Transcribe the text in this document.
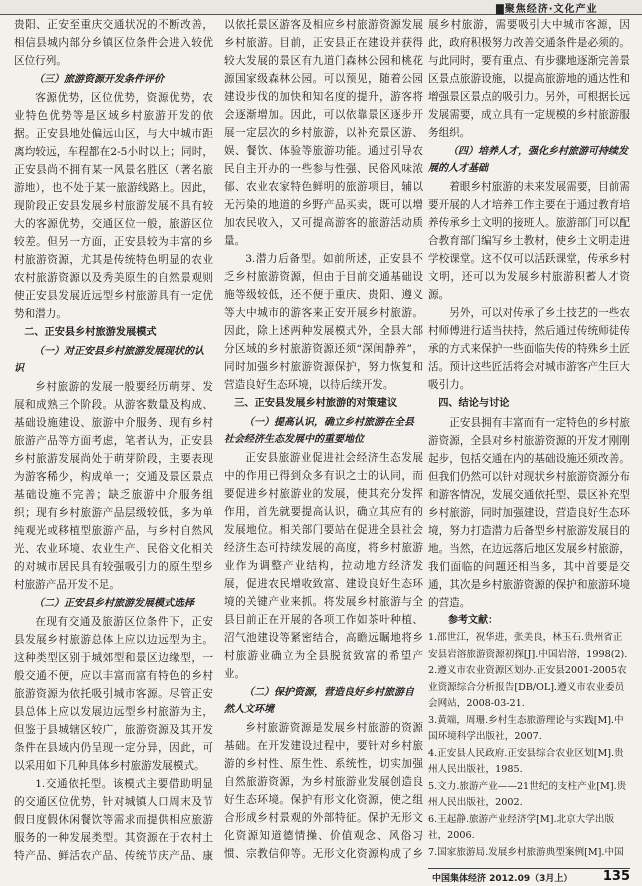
▇聚焦经济·文化产业

贵阳、正安至重庆交通状况的不断改善，相信县城内部分乡镇区位条件会进入较优区位行列。

（三）旅游资源开发条件评价

客源优势，区位优势，资源优势，农业特色优势等是区域乡村旅游开发的依据。正安县地处偏远山区，与大中城市距离均较远，车程都在2-5小时以上；同时，正安县尚不拥有某一风景名胜区（著名旅游地），也不处于某一旅游线路上。因此，现阶段正安县发展乡村旅游发展不具有较大的客源优势，交通区位一般，旅游区位较差。但另一方面，正安县较为丰富的乡村旅游资源，尤其是传统特色明显的农业农村旅游资源以及秀美原生的自然景观则使正安县发展近远型乡村旅游具有一定优势和潜力。

二、正安县乡村旅游发展模式

（一）对正安县乡村旅游发展现状的认识

乡村旅游的发展一般要经历萌芽、发展和成熟三个阶段。从游客数量及构成、基础设施建设、旅游中介服务、现有乡村旅游产品等方面考虑，笔者认为，正安县乡村旅游发展尚处于萌芽阶段，主要表现为游客稀少，构成单一；交通及景区景点基础设施不完善；缺乏旅游中介服务组织；现有乡村旅游产品层级较低，多为单纯观光或移植型旅游产品，与乡村自然风光、农业环境、农业生产、民俗文化相关的对城市居民具有较强吸引力的原生型乡村旅游产品开发不足。

（二）正安县乡村旅游发展模式选择

在现有交通及旅游区位条件下，正安县发展乡村旅游总体上应以边远型为主。这种类型区别于城郊型和景区边缘型，一般交通不便，应以丰富而富有特色的乡村旅游资源为依托吸引城市客源。尽管正安县总体上应以发展边远型乡村旅游为主，但鉴于县城辖区较广，旅游资源及其开发条件在县域内仍呈现一定分异，因此，可以采用如下几种具体乡村旅游发展模式。

1.交通依托型。该模式主要借助明显的交通区位优势，针对城镇人口周末及节假日度假休闲餐饮等需求而提供相应旅游服务的一种发展类型。其资源在于农村土特产品、鲜活农产品、传统节庆产品、康

以依托景区游客及相应乡村旅游资源发展乡村旅游。目前，正安县正在建设并获得较大发展的景区有九道门森林公园和桃花源国家级森林公园。可以预见，随着公园建设步伐的加快和知名度的提升，游客将会逐渐增加。因此，可以依靠景区逐步开展一定层次的乡村旅游，以补充景区游、娱、餐饮、体验等旅游功能。通过引导农民自主开办的一些参与性强、民俗风味浓郁、农业农家特色鲜明的旅游项目，辅以无污染的地道的乡野产品买卖，既可以增加农民收入，又可提高游客的旅游活动质量。

3.潜力后备型。如前所述，正安县不乏乡村旅游资源，但由于目前交通基础设施等级较低，还不便于重庆、贵阳、遵义等大中城市的游客来正安开展乡村旅游。因此，除上述两种发展模式外，全县大部分区域的乡村旅游资源还须“深闺静养”，同时加强乡村旅游资源保护，努力恢复和营造良好生态环境，以待后续开发。

三、正安县发展乡村旅游的对策建议

（一）提高认识，确立乡村旅游在全县社会经济生态发展中的重要地位

正安县旅游业促进社会经济生态发展中的作用已得到众多有识之士的认同，而要促进乡村旅游业的发展，使其充分发挥作用，首先就要提高认识，确立其应有的发展地位。相关部门要站在促进全县社会经济生态可持续发展的高度，将乡村旅游业作为调整产业结构，拉动地方经济发展，促进农民增收致富、建设良好生态环境的关键产业来抓。将发展乡村旅游与全县目前正在开展的各项工作如茶叶种植、沼气池建设等紧密结合，高瞻远瞩地将乡村旅游业确立为全县脱贫致富的希望产业。

（二）保护资源，营造良好乡村旅游自然人文环境

乡村旅游资源是发展乡村旅游的资源基础。在开发建设过程中，要针对乡村旅游的乡村性、原生性、系统性，切实加强自然旅游资源，为乡村旅游业发展创造良好生态环境。保护有形文化资源，使之组合形成乡村景观的外部特征。保护无形文化资源知道德情操、价值观念、风俗习惯、宗教信仰等。无形文化资源构成了乡

展乡村旅游，需要吸引大中城市客源，因此，政府积极努力改善交通条件是必须的。与此同时，要有重点、有步骤地逐渐完善景区景点旅游设施，以提高旅游地的通达性和增强景区景点的吸引力。另外，可根据长远发展需要，成立具有一定规模的乡村旅游服务组织。

（四）培养人才，强化乡村旅游可持续发展的人才基础

着眼乡村旅游的未来发展需要，目前需要开展的人才培养工作主要在于通过教育培养传承乡土文明的接班人。旅游部门可以配合教育部门编写乡土教材，使乡土文明走进学校课堂。这不仅可以活跃课堂，传承乡村文明，还可以为发展乡村旅游积蓄人才资源。

另外，可以对传承了乡土技艺的一些农村师傅进行适当扶持，然后通过传统师徒传承的方式来保护一些面临失传的特殊乡土匠活。预计这些匠活将会对城市游客产生巨大吸引力。

四、结论与讨论

正安县拥有丰富而有一定特色的乡村旅游资源，全县对乡村旅游资源的开发才刚刚起步，包括交通在内的基础设施还须改善。但我们仍然可以针对现状乡村旅游资源分布和游客情况，发展交通依托型、景区补充型乡村旅游，同时加强建设，营造良好生态环境，努力打造潜力后备型乡村旅游发展目的地。当然，在边远落后地区发展乡村旅游，我们面临的问题还相当多，其中首要是交通，其次是乡村旅游资源的保护和旅游环境的营造。

参考文献：

1.邵世江，祝华进，张美良，林玉石.贵州省正安县岩溶旅游资源初探[J].中国岩溶，1998(2).

2.遵义市农业资源区划办.正安县2001-2005农业资源综合分析报告[DB/OL].遵义市农业委员会网站，2008-03-21.

3.黄端，周珊.乡村生态旅游理论与实践[M].中国环境科学出版社，2007.

4.正安县人民政府.正安县综合农业区划[M].贵州人民出版社，1985.

5.文力.旅游产业——21世纪的支柱产业[M].贵州人民出版社，2002.

6.王起静.旅游产业经济学[M].北京大学出版社，2006.

7.国家旅游局.发展乡村旅游典型案例[M].中国

中国集体经济 2012.09（3月上） 135
